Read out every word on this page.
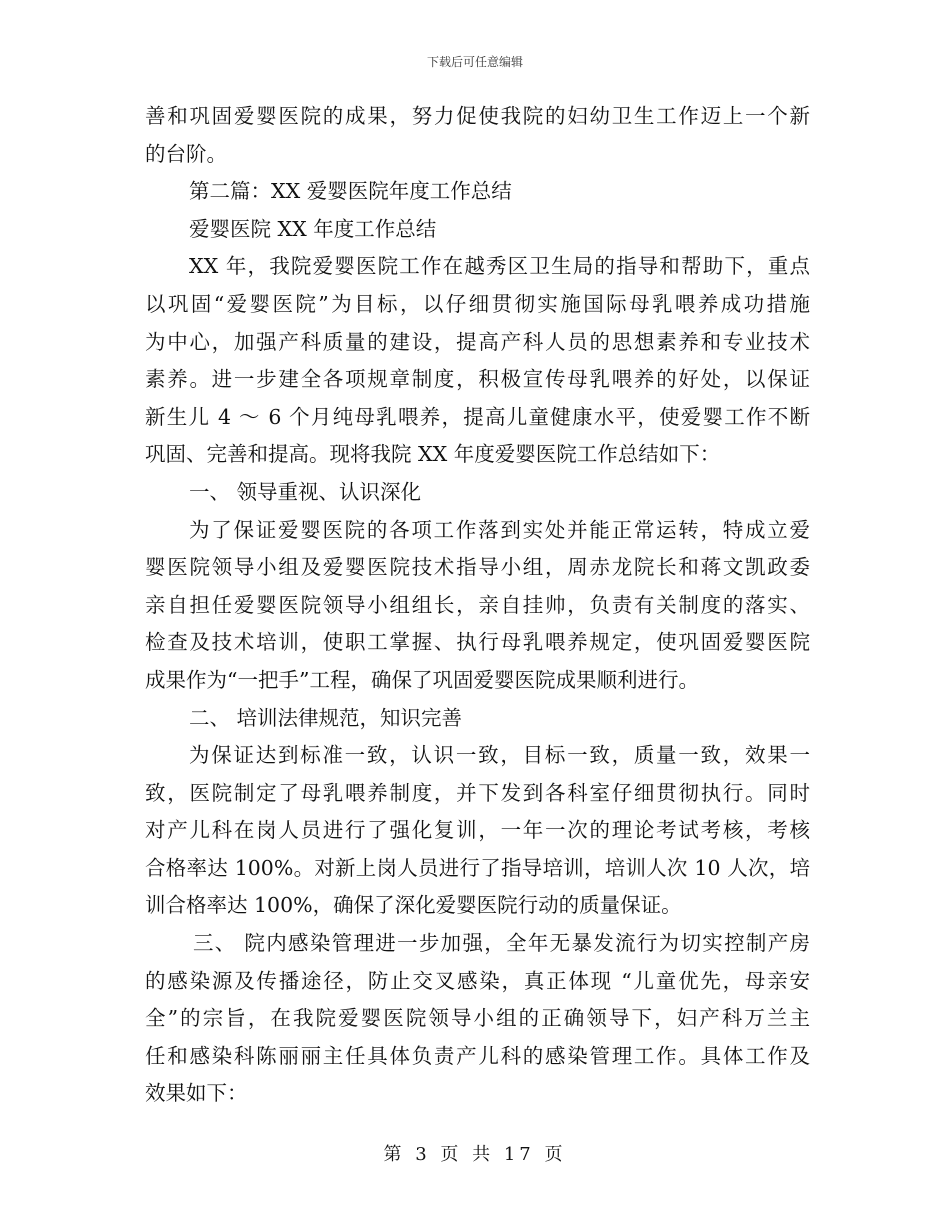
下载后可任意编辑
善和巩固爱婴医院的成果，努力促使我院的妇幼卫生工作迈上一个新
的台阶。
第二篇：XX 爱婴医院年度工作总结
爱婴医院 XX 年度工作总结
XX 年，我院爱婴医院工作在越秀区卫生局的指导和帮助下，重点
以巩固“爱婴医院”为目标，以仔细贯彻实施国际母乳喂养成功措施
为中心，加强产科质量的建设，提高产科人员的思想素养和专业技术
素养。进一步建全各项规章制度，积极宣传母乳喂养的好处，以保证
新生儿 4 ～ 6 个月纯母乳喂养，提高儿童健康水平，使爱婴工作不断
巩固、完善和提高。现将我院 XX 年度爱婴医院工作总结如下：
一、 领导重视、认识深化
为了保证爱婴医院的各项工作落到实处并能正常运转，特成立爱
婴医院领导小组及爱婴医院技术指导小组，周赤龙院长和蒋文凯政委
亲自担任爱婴医院领导小组组长，亲自挂帅，负责有关制度的落实、
检查及技术培训，使职工掌握、执行母乳喂养规定，使巩固爱婴医院
成果作为“一把手”工程，确保了巩固爱婴医院成果顺利进行。
二、 培训法律规范，知识完善
为保证达到标准一致，认识一致，目标一致，质量一致，效果一
致，医院制定了母乳喂养制度，并下发到各科室仔细贯彻执行。同时
对产儿科在岗人员进行了强化复训，一年一次的理论考试考核，考核
合格率达 100%。对新上岗人员进行了指导培训，培训人次 10 人次，培
训合格率达 100%，确保了深化爱婴医院行动的质量保证。
三、 院内感染管理进一步加强，全年无暴发流行为切实控制产房
的感染源及传播途径，防止交叉感染，真正体现 “儿童优先，母亲安
全”的宗旨，在我院爱婴医院领导小组的正确领导下，妇产科万兰主
任和感染科陈丽丽主任具体负责产儿科的感染管理工作。具体工作及
效果如下：
第 3 页 共 17 页
